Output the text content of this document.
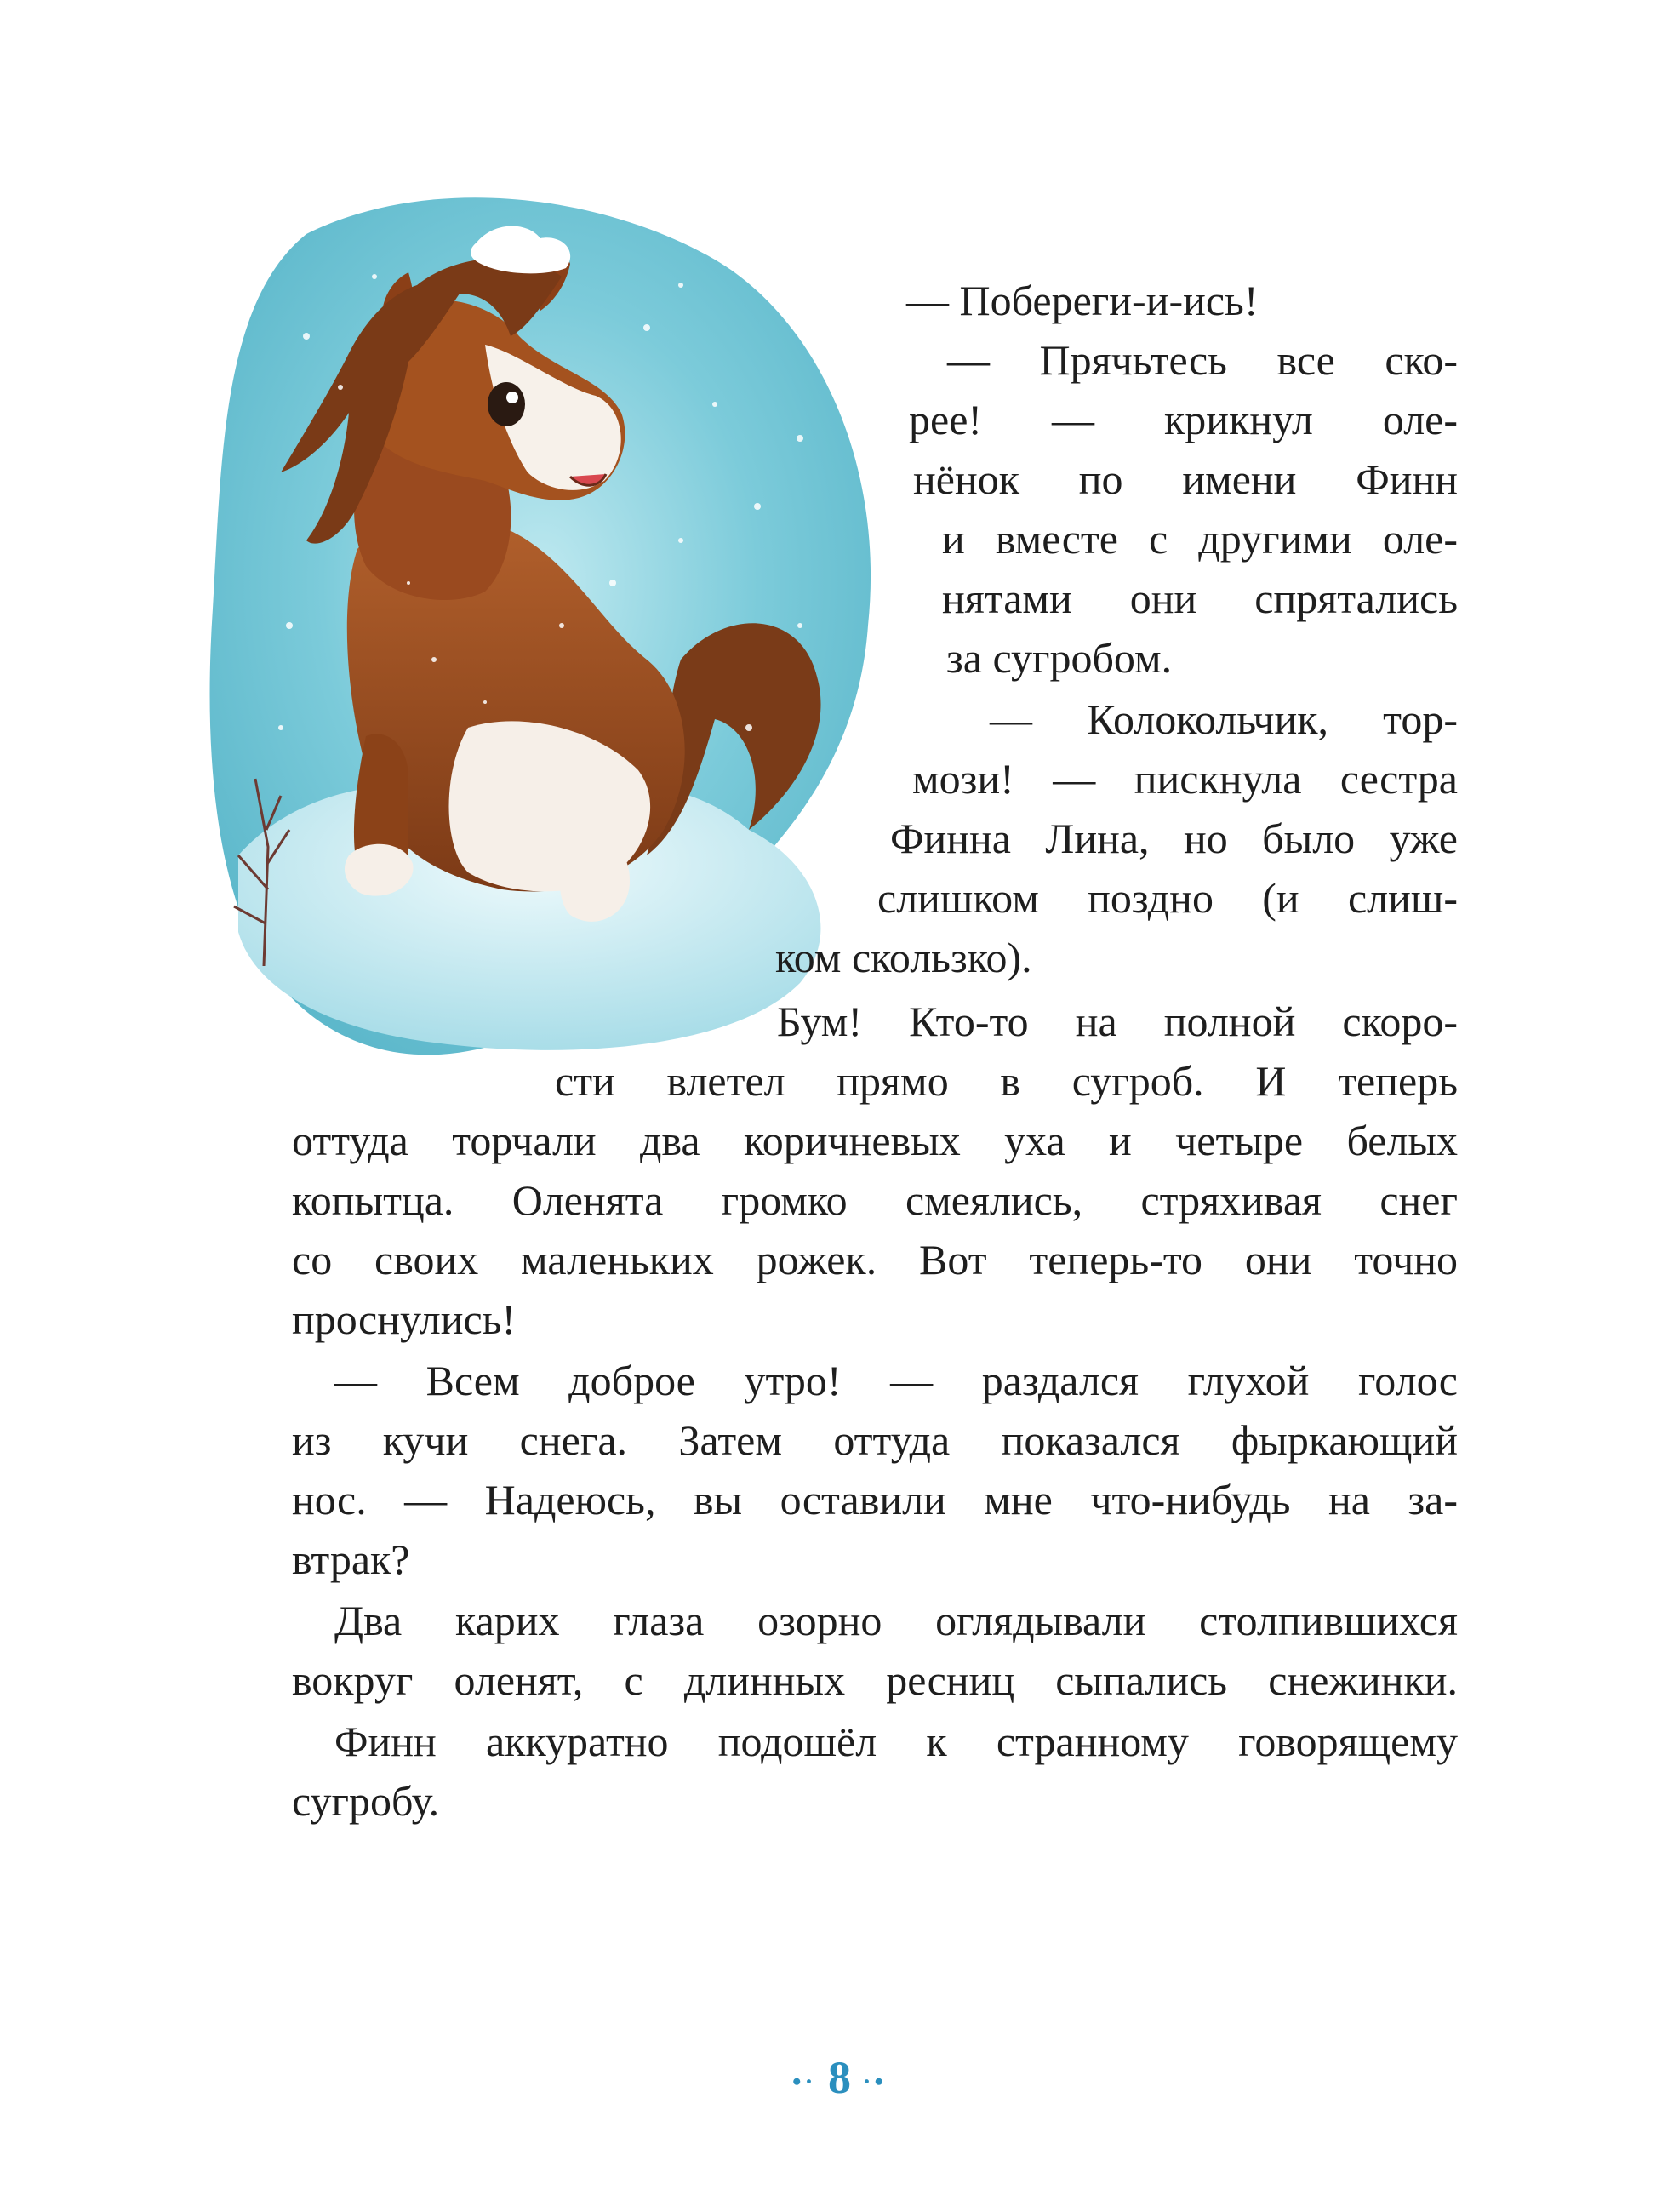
— Побереги-и-ись!
— Прячьтесь все ско-
рее! — крикнул оле-
нёнок по имени Финн
и вместе с другими оле-
нятами они спрятались
за сугробом.
— Колокольчик, тор-
мози! — пискнула сестра
Финна Лина, но было уже
слишком поздно (и слиш-
ком скользко).
Бум! Кто-то на полной скоро-
сти влетел прямо в сугроб. И теперь
оттуда торчали два коричневых уха и четыре белых
копытца. Оленята громко смеялись, стряхивая снег
со своих маленьких рожек. Вот теперь-то они точно
проснулись!
— Всем доброе утро! — раздался глухой голос
из кучи снега. Затем оттуда показался фыркающий
нос. — Надеюсь, вы оставили мне что-нибудь на за-
втрак?
Два карих глаза озорно оглядывали столпившихся
вокруг оленят, с длинных ресниц сыпались снежинки.
Финн аккуратно подошёл к странному говорящему
сугробу.
•· 8 ·•
